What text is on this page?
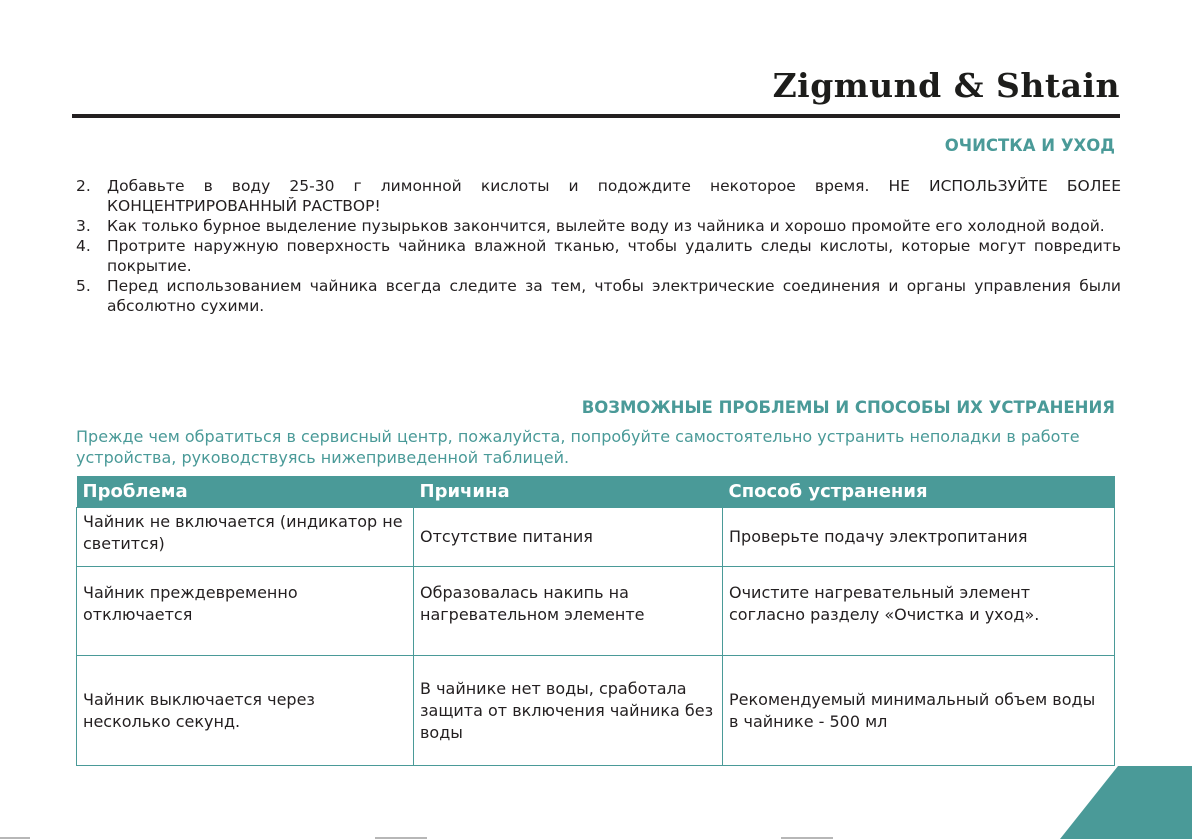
Zigmund & Shtain
ОЧИСТКА И УХОД
2. Добавьте в воду 25-30 г лимонной кислоты и подождите некоторое время. НЕ ИСПОЛЬЗУЙТЕ БОЛЕЕ КОНЦЕНТРИРОВАННЫЙ РАСТВОР!
3. Как только бурное выделение пузырьков закончится, вылейте воду из чайника и хорошо промойте его холодной водой.
4. Протрите наружную поверхность чайника влажной тканью, чтобы удалить следы кислоты, которые могут повредить покрытие.
5. Перед использованием чайника всегда следите за тем, чтобы электрические соединения и органы управления были абсолютно сухими.
ВОЗМОЖНЫЕ ПРОБЛЕМЫ И СПОСОБЫ ИХ УСТРАНЕНИЯ
Прежде чем обратиться в сервисный центр, пожалуйста, попробуйте самостоятельно устранить неполадки в работе устройства, руководствуясь нижеприведенной таблицей.
Проблема	Причина	Способ устранения
Чайник не включается (индикатор не светится)	Отсутствие питания	Проверьте подачу электропитания
Чайник преждевременно отключается	Образовалась накипь на нагревательном элементе	Очистите нагревательный элемент согласно разделу «Очистка и уход».
Чайник выключается через несколько секунд.	В чайнике нет воды, сработала защита от включения чайника без воды	Рекомендуемый минимальный объем воды в чайнике - 500 мл
